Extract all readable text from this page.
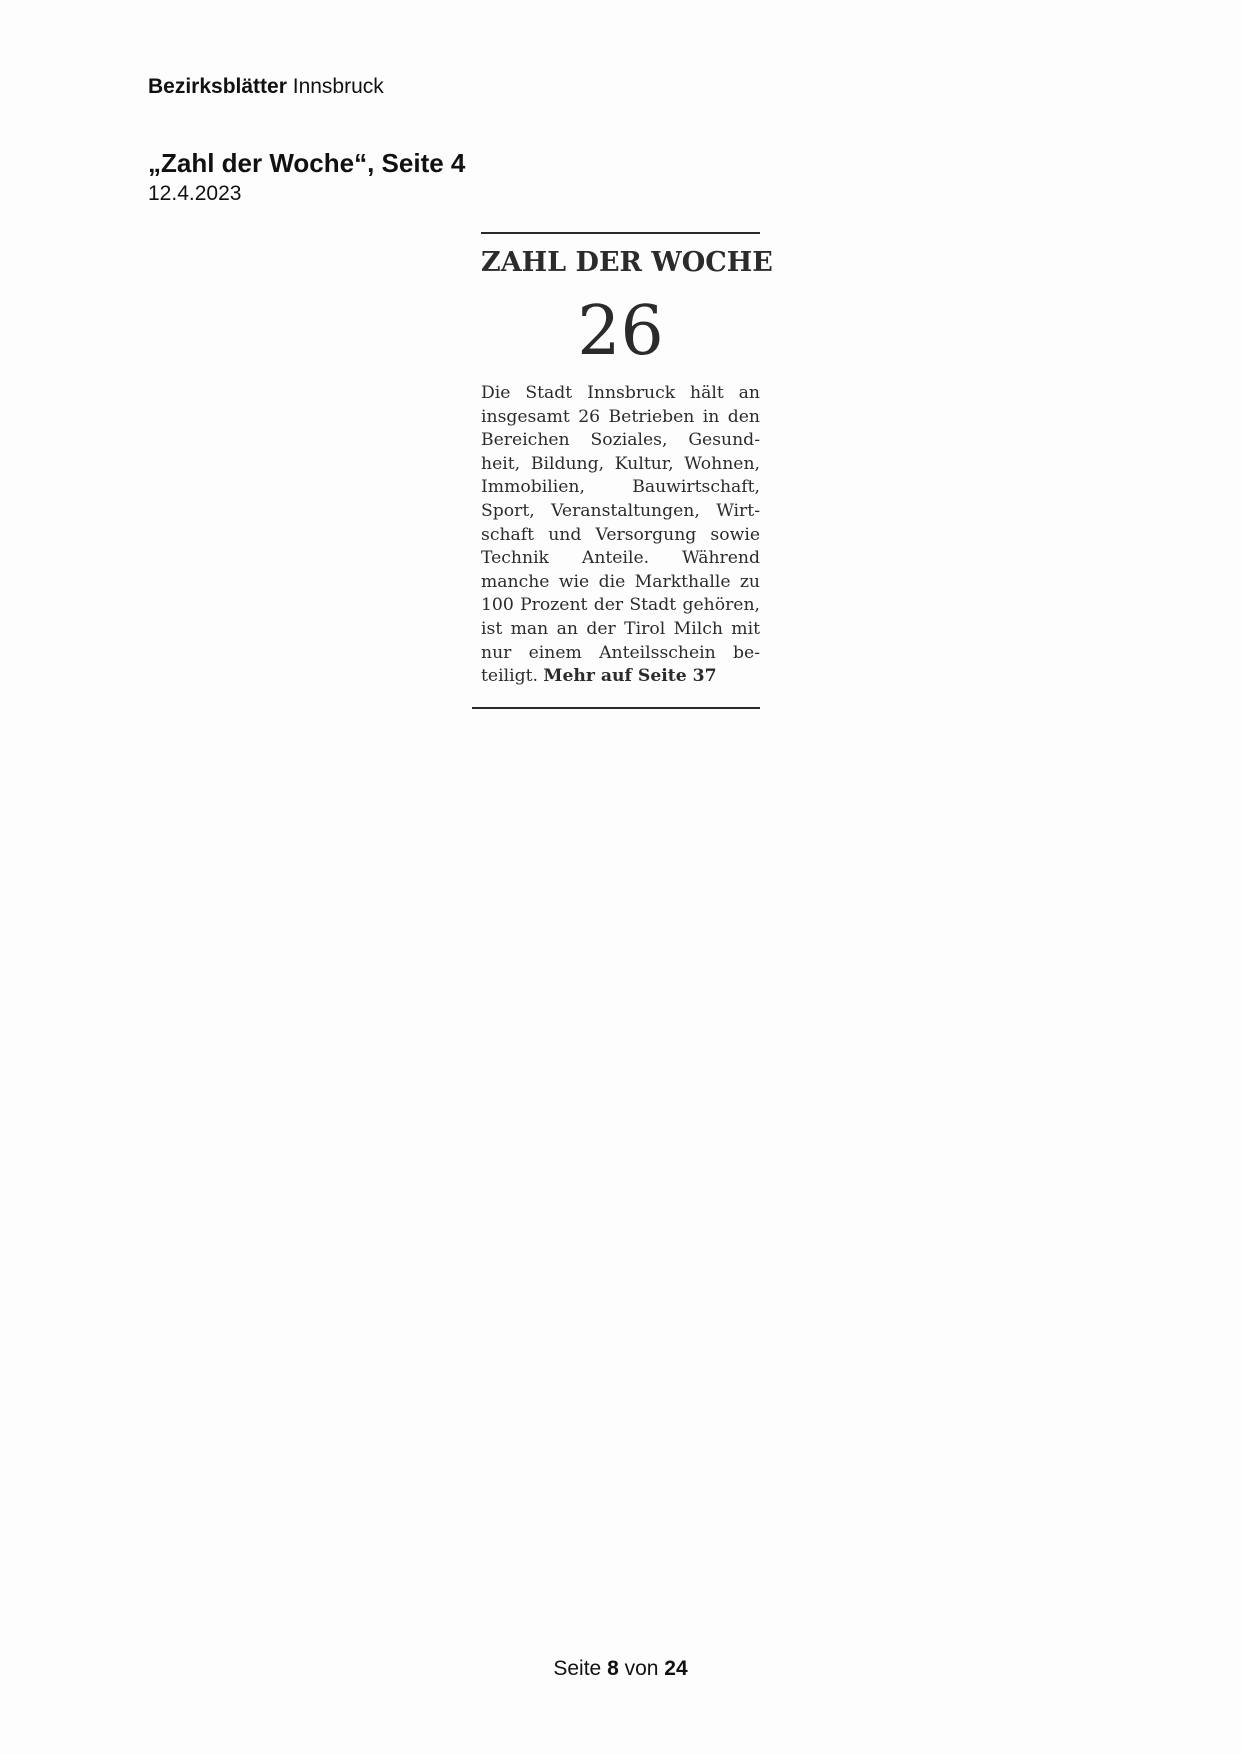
Bezirksblätter Innsbruck
„Zahl der Woche“, Seite 4
12.4.2023
ZAHL DER WOCHE
26
Die Stadt Innsbruck hält an insgesamt 26 Betrieben in den Bereichen Soziales, Gesundheit, Bildung, Kultur, Wohnen, Immobilien, Bauwirtschaft, Sport, Veranstaltungen, Wirtschaft und Versorgung sowie Technik Anteile. Während manche wie die Markthalle zu 100 Prozent der Stadt gehören, ist man an der Tirol Milch mit nur einem Anteilsschein beteiligt. Mehr auf Seite 37
Seite 8 von 24
